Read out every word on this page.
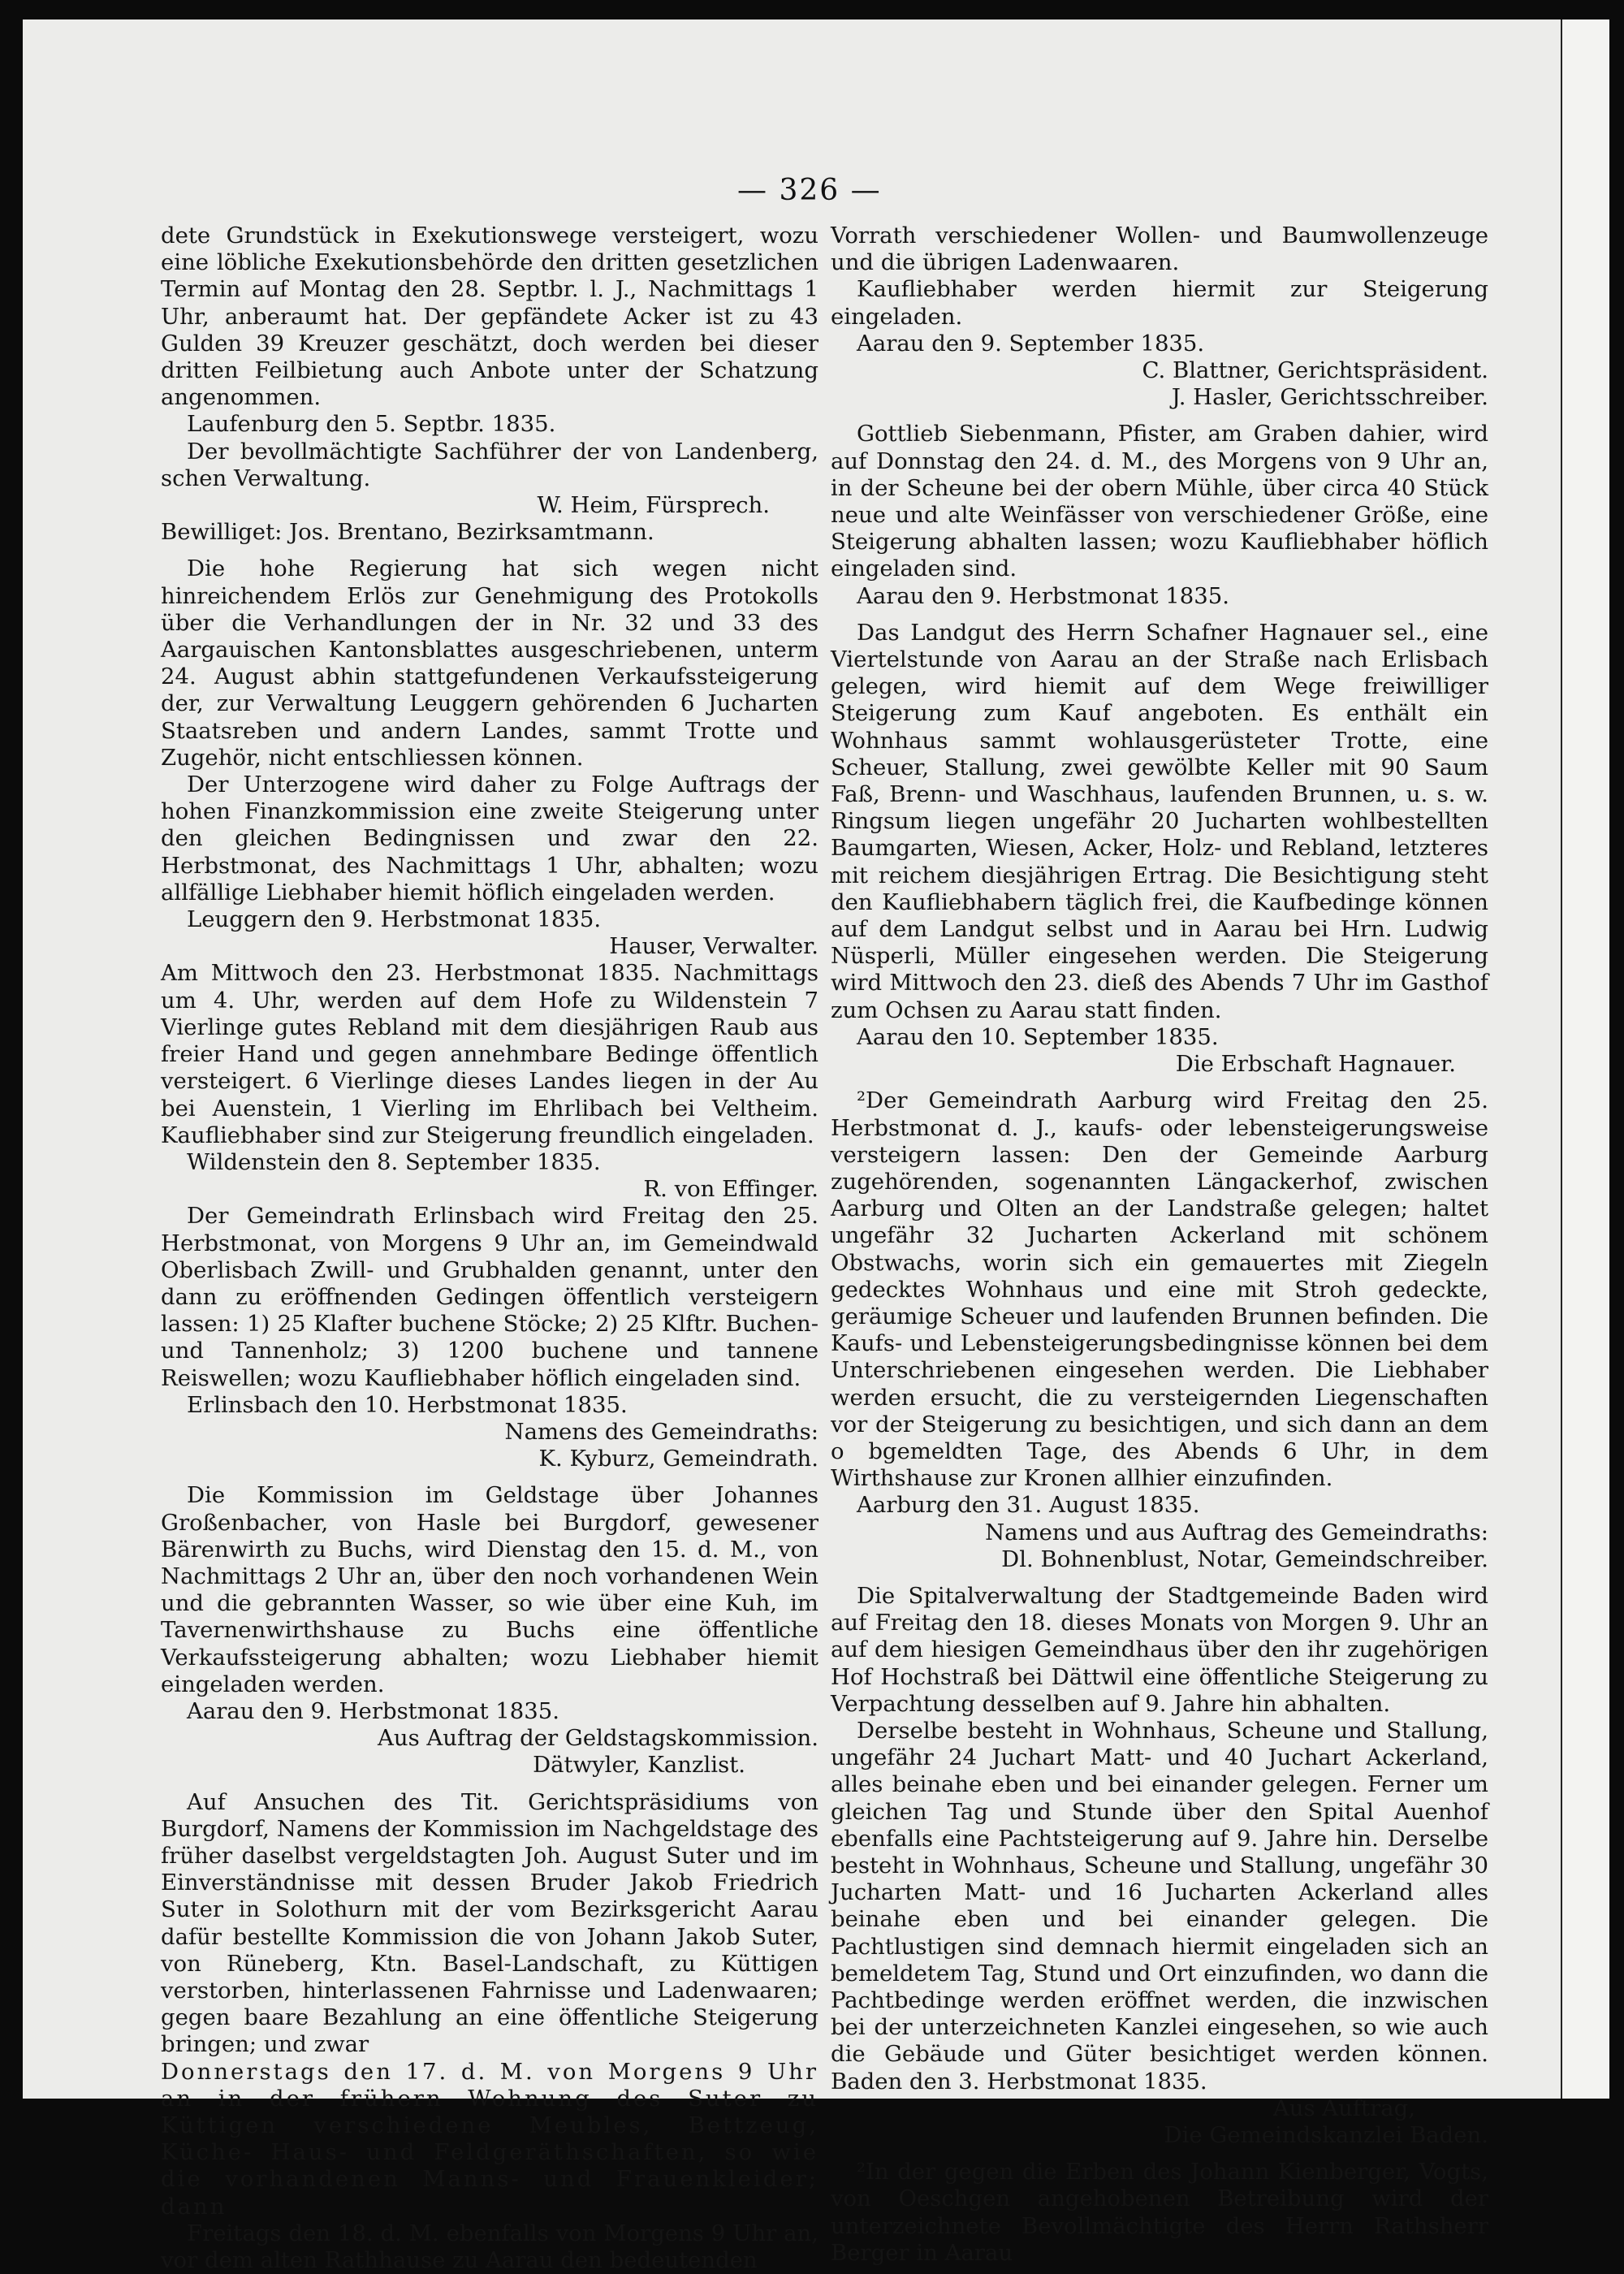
— 326 —

dete Grundstück in Exekutionswege versteigert, wozu eine löbliche Exekutionsbehörde den dritten gesetzlichen Termin auf Montag den 28. Septbr. l. J., Nachmittags 1 Uhr, anberaumt hat. Der gepfändete Acker ist zu 43 Gulden 39 Kreuzer geschätzt, doch werden bei dieser dritten Feilbietung auch Anbote unter der Schatzung angenommen.

Laufenburg den 5. Septbr. 1835.

Der bevollmächtigte Sachführer der von Landenberg, schen Verwaltung.

W. Heim, Fürsprech.

Bewilliget: Jos. Brentano, Bezirksamtmann.

Die hohe Regierung hat sich wegen nicht hinreichendem Erlös zur Genehmigung des Protokolls über die Verhandlungen der in Nr. 32 und 33 des Aargauischen Kantonsblattes ausgeschriebenen, unterm 24. August abhin stattgefundenen Verkaufssteigerung der, zur Verwaltung Leuggern gehörenden 6 Jucharten Staatsreben und andern Landes, sammt Trotte und Zugehör, nicht entschliessen können.

Der Unterzogene wird daher zu Folge Auftrags der hohen Finanzkommission eine zweite Steigerung unter den gleichen Bedingnissen und zwar den 22. Herbstmonat, des Nachmittags 1 Uhr, abhalten; wozu allfällige Liebhaber hiemit höflich eingeladen werden.

Leuggern den 9. Herbstmonat 1835.

Hauser, Verwalter.

Am Mittwoch den 23. Herbstmonat 1835. Nachmittags um 4. Uhr, werden auf dem Hofe zu Wildenstein 7 Vierlinge gutes Rebland mit dem diesjährigen Raub aus freier Hand und gegen annehmbare Bedinge öffentlich versteigert. 6 Vierlinge dieses Landes liegen in der Au bei Auenstein, 1 Vierling im Ehrlibach bei Veltheim. Kaufliebhaber sind zur Steigerung freundlich eingeladen.

Wildenstein den 8. September 1835.

R. von Effinger.

Der Gemeindrath Erlinsbach wird Freitag den 25. Herbstmonat, von Morgens 9 Uhr an, im Gemeindwald Oberlisbach Zwill- und Grubhalden genannt, unter den dann zu eröffnenden Gedingen öffentlich versteigern lassen: 1) 25 Klafter buchene Stöcke; 2) 25 Klftr. Buchen- und Tannenholz; 3) 1200 buchene und tannene Reiswellen; wozu Kaufliebhaber höflich eingeladen sind.

Erlinsbach den 10. Herbstmonat 1835.

Namens des Gemeindraths:

K. Kyburz, Gemeindrath.

Die Kommission im Geldstage über Johannes Großenbacher, von Hasle bei Burgdorf, gewesener Bärenwirth zu Buchs, wird Dienstag den 15. d. M., von Nachmittags 2 Uhr an, über den noch vorhandenen Wein und die gebrannten Wasser, so wie über eine Kuh, im Tavernenwirthshause zu Buchs eine öffentliche Verkaufssteigerung abhalten; wozu Liebhaber hiemit eingeladen werden.

Aarau den 9. Herbstmonat 1835.

Aus Auftrag der Geldstagskommission.

Dätwyler, Kanzlist.

Auf Ansuchen des Tit. Gerichtspräsidiums von Burgdorf, Namens der Kommission im Nachgeldstage des früher daselbst vergeldstagten Joh. August Suter und im Einverständnisse mit dessen Bruder Jakob Friedrich Suter in Solothurn mit der vom Bezirksgericht Aarau dafür bestellte Kommission die von Johann Jakob Suter, von Rüneberg, Ktn. Basel-Landschaft, zu Küttigen verstorben, hinterlassenen Fahrnisse und Ladenwaaren; gegen baare Bezahlung an eine öffentliche Steigerung bringen; und zwar

Donnerstags den 17. d. M. von Morgens 9 Uhr an in der frühern Wohnung des Suter zu Küttigen verschiedene Meubles, Bettzeug, Küche- Haus- und Feldgeräthschaften, so wie die vorhandenen Manns- und Frauenkleider; dann

Freitags den 18. d. M. ebenfalls von Morgens 9 Uhr an, vor dem alten Rathhause zu Aarau den bedeutenden

Vorrath verschiedener Wollen- und Baumwollenzeuge und die übrigen Ladenwaaren.

Kaufliebhaber werden hiermit zur Steigerung eingeladen.

Aarau den 9. September 1835.

C. Blattner, Gerichtspräsident.

J. Hasler, Gerichtsschreiber.

Gottlieb Siebenmann, Pfister, am Graben dahier, wird auf Donnstag den 24. d. M., des Morgens von 9 Uhr an, in der Scheune bei der obern Mühle, über circa 40 Stück neue und alte Weinfässer von verschiedener Größe, eine Steigerung abhalten lassen; wozu Kaufliebhaber höflich eingeladen sind.

Aarau den 9. Herbstmonat 1835.

Das Landgut des Herrn Schafner Hagnauer sel., eine Viertelstunde von Aarau an der Straße nach Erlisbach gelegen, wird hiemit auf dem Wege freiwilliger Steigerung zum Kauf angeboten. Es enthält ein Wohnhaus sammt wohlausgerüsteter Trotte, eine Scheuer, Stallung, zwei gewölbte Keller mit 90 Saum Faß, Brenn- und Waschhaus, laufenden Brunnen, u. s. w. Ringsum liegen ungefähr 20 Jucharten wohlbestellten Baumgarten, Wiesen, Acker, Holz- und Rebland, letzteres mit reichem diesjährigen Ertrag. Die Besichtigung steht den Kaufliebhabern täglich frei, die Kaufbedinge können auf dem Landgut selbst und in Aarau bei Hrn. Ludwig Nüsperli, Müller eingesehen werden. Die Steigerung wird Mittwoch den 23. dieß des Abends 7 Uhr im Gasthof zum Ochsen zu Aarau statt finden.

Aarau den 10. September 1835.

Die Erbschaft Hagnauer.

²Der Gemeindrath Aarburg wird Freitag den 25. Herbstmonat d. J., kaufs- oder lebensteigerungsweise versteigern lassen: Den der Gemeinde Aarburg zugehörenden, sogenannten Längackerhof, zwischen Aarburg und Olten an der Landstraße gelegen; haltet ungefähr 32 Jucharten Ackerland mit schönem Obstwachs, worin sich ein gemauertes mit Ziegeln gedecktes Wohnhaus und eine mit Stroh gedeckte, geräumige Scheuer und laufenden Brunnen befinden. Die Kaufs- und Lebensteigerungsbedingnisse können bei dem Unterschriebenen eingesehen werden. Die Liebhaber werden ersucht, die zu versteigernden Liegenschaften vor der Steigerung zu besichtigen, und sich dann an dem o bgemeldten Tage, des Abends 6 Uhr, in dem Wirthshause zur Kronen allhier einzufinden.

Aarburg den 31. August 1835.

Namens und aus Auftrag des Gemeindraths:

Dl. Bohnenblust, Notar, Gemeindschreiber.

Die Spitalverwaltung der Stadtgemeinde Baden wird auf Freitag den 18. dieses Monats von Morgen 9. Uhr an auf dem hiesigen Gemeindhaus über den ihr zugehörigen Hof Hochstraß bei Dättwil eine öffentliche Steigerung zu Verpachtung desselben auf 9. Jahre hin abhalten.

Derselbe besteht in Wohnhaus, Scheune und Stallung, ungefähr 24 Juchart Matt- und 40 Juchart Ackerland, alles beinahe eben und bei einander gelegen. Ferner um gleichen Tag und Stunde über den Spital Auenhof ebenfalls eine Pachtsteigerung auf 9. Jahre hin. Derselbe besteht in Wohnhaus, Scheune und Stallung, ungefähr 30 Jucharten Matt- und 16 Jucharten Ackerland alles beinahe eben und bei einander gelegen. Die Pachtlustigen sind demnach hiermit eingeladen sich an bemeldetem Tag, Stund und Ort einzufinden, wo dann die Pachtbedinge werden eröffnet werden, die inzwischen bei der unterzeichneten Kanzlei eingesehen, so wie auch die Gebäude und Güter besichtiget werden können. Baden den 3. Herbstmonat 1835.

Aus Auftrag,

Die Gemeindskanzlei Baden.

²In der gegen die Erben des Johann Kienberger, Vogts, von Oeschgen angehobenen Betreibung wird der unterzeichnete Bevollmächtigte des Herrn Rathsherr Berger in Aarau
